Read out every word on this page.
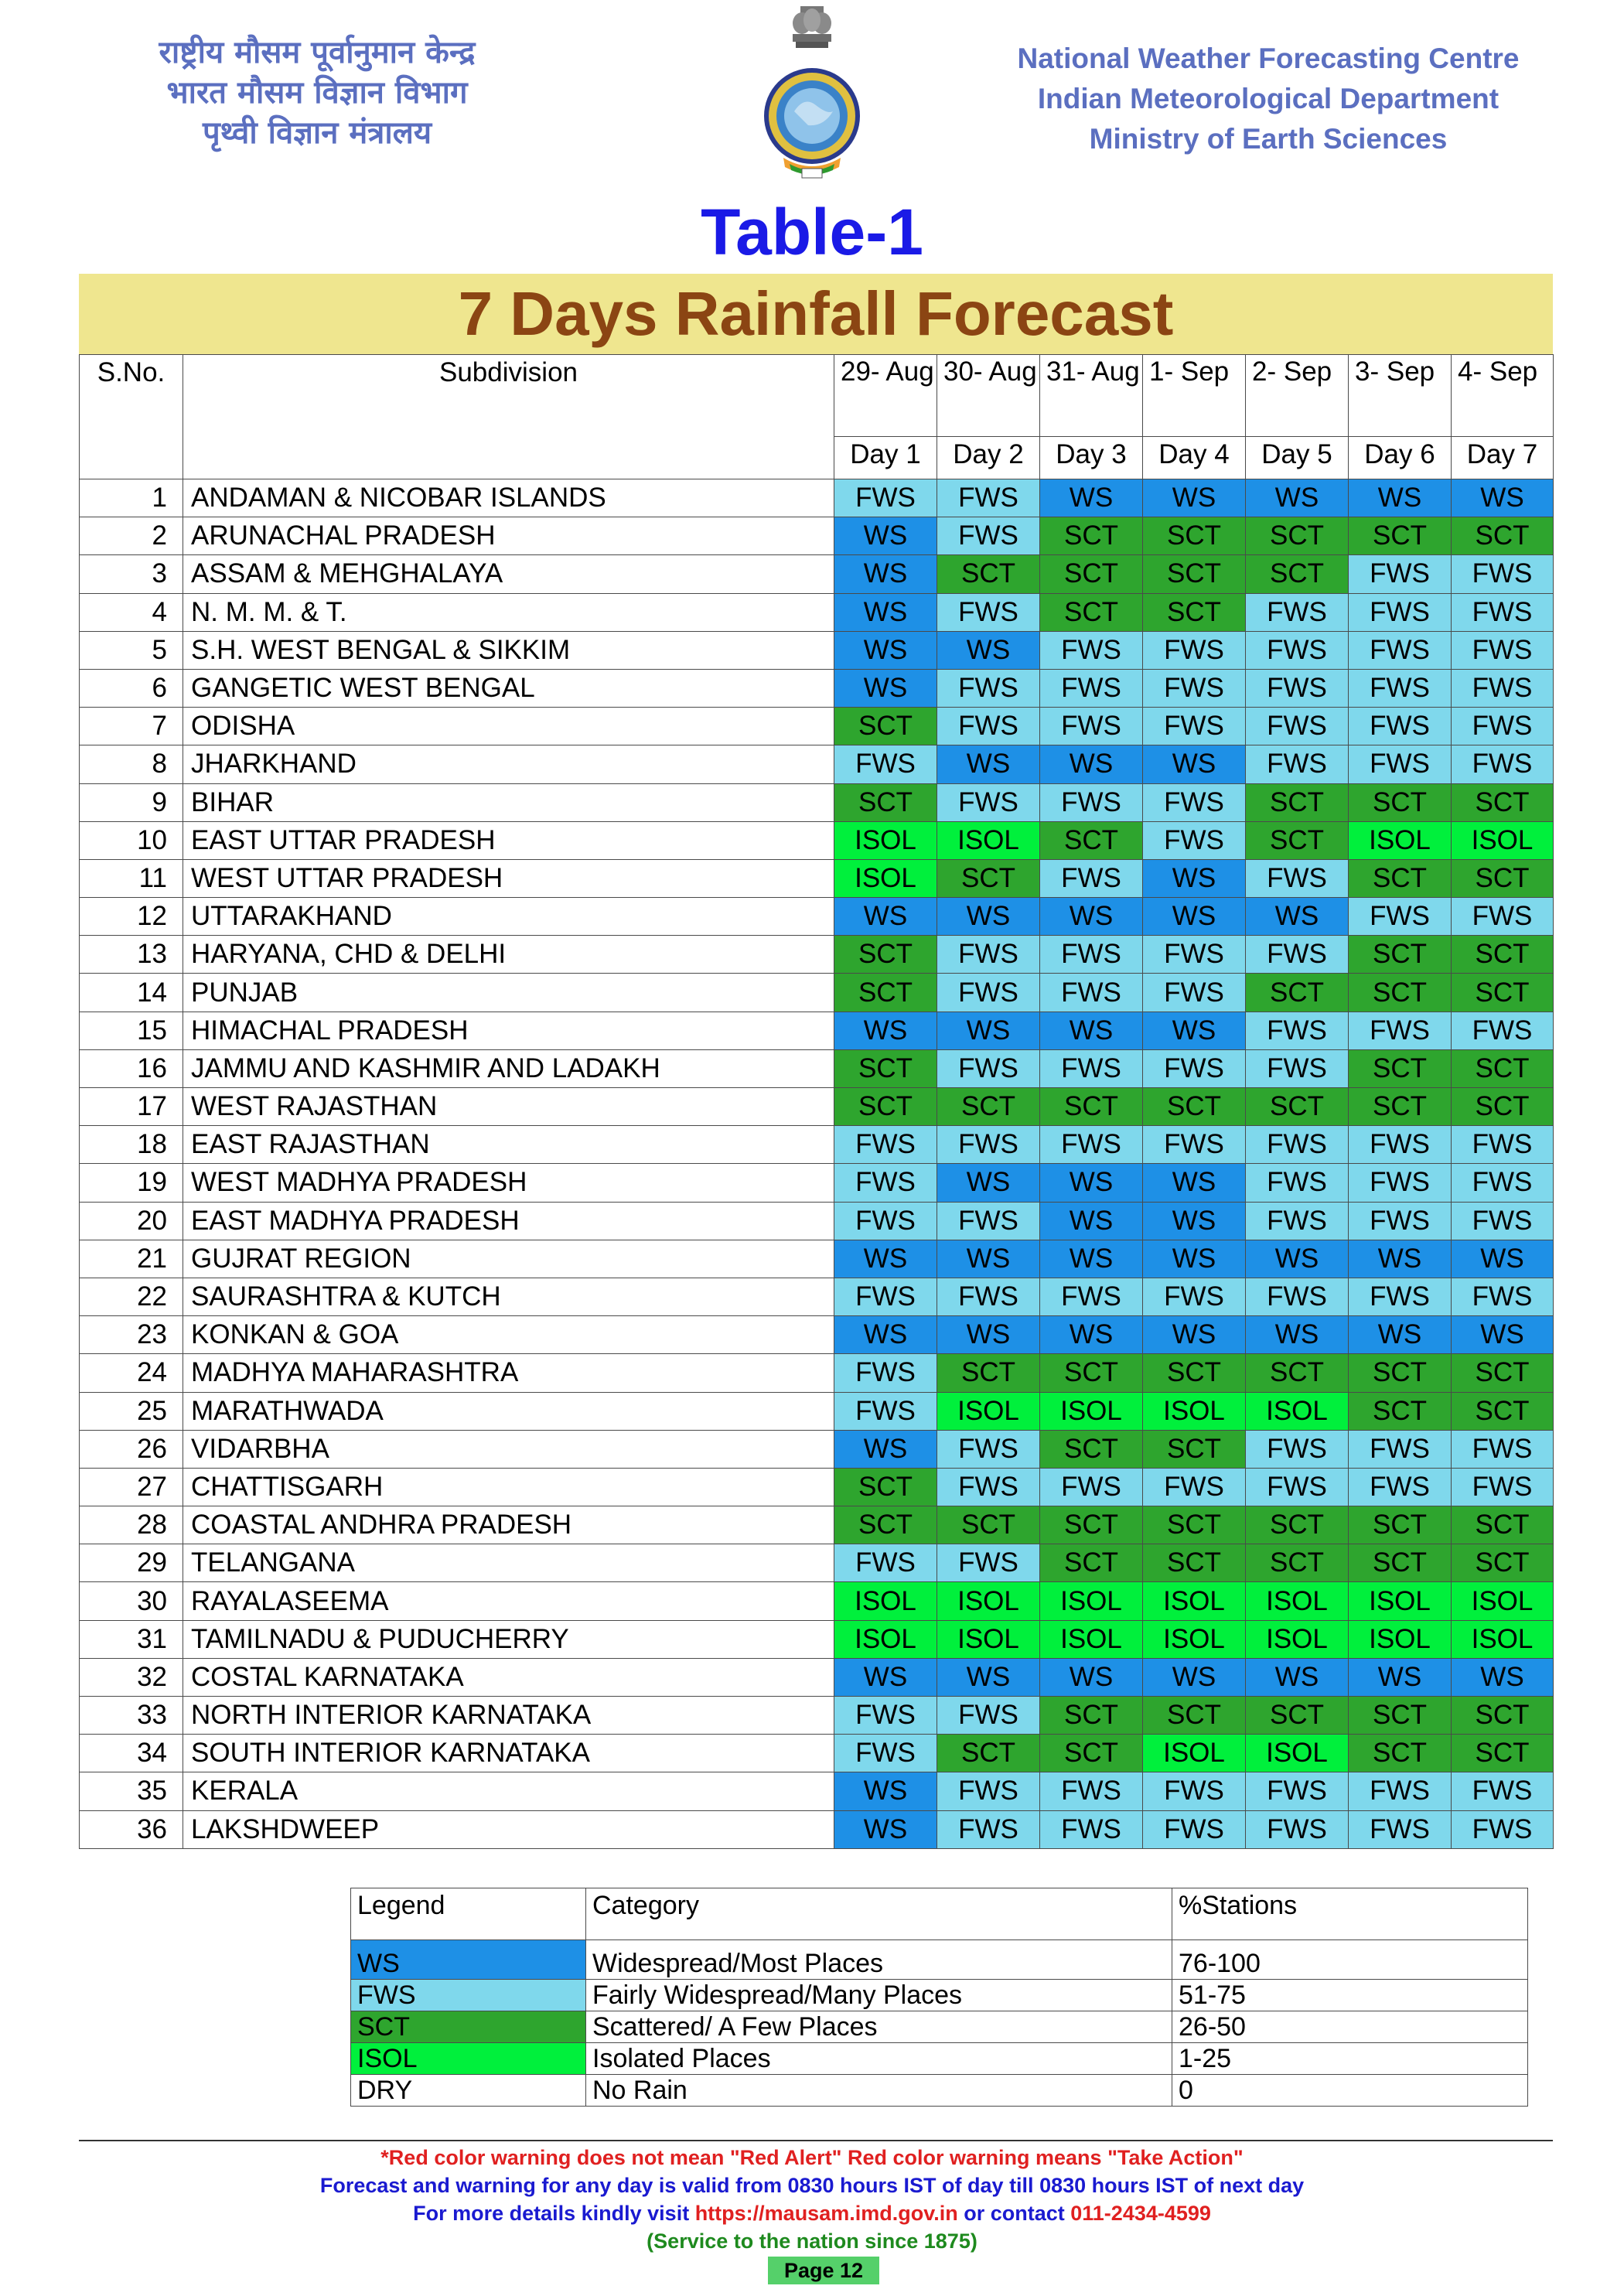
राष्ट्रीय मौसम पूर्वानुमान केन्द्र
भारत मौसम विज्ञान विभाग
पृथ्वी विज्ञान मंत्रालय
National Weather Forecasting Centre
Indian Meteorological Department
Ministry of Earth Sciences
Table-1
7 Days Rainfall Forecast
S.No.	Subdivision	29- Aug	30- Aug	31- Aug	1- Sep	2- Sep	3- Sep	4- Sep
		Day 1	Day 2	Day 3	Day 4	Day 5	Day 6	Day 7
1	ANDAMAN & NICOBAR ISLANDS	FWS	FWS	WS	WS	WS	WS	WS
2	ARUNACHAL PRADESH	WS	FWS	SCT	SCT	SCT	SCT	SCT
3	ASSAM & MEHGHALAYA	WS	SCT	SCT	SCT	SCT	FWS	FWS
4	N. M. M. & T.	WS	FWS	SCT	SCT	FWS	FWS	FWS
5	S.H. WEST BENGAL & SIKKIM	WS	WS	FWS	FWS	FWS	FWS	FWS
6	GANGETIC WEST BENGAL	WS	FWS	FWS	FWS	FWS	FWS	FWS
7	ODISHA	SCT	FWS	FWS	FWS	FWS	FWS	FWS
8	JHARKHAND	FWS	WS	WS	WS	FWS	FWS	FWS
9	BIHAR	SCT	FWS	FWS	FWS	SCT	SCT	SCT
10	EAST UTTAR PRADESH	ISOL	ISOL	SCT	FWS	SCT	ISOL	ISOL
11	WEST UTTAR PRADESH	ISOL	SCT	FWS	WS	FWS	SCT	SCT
12	UTTARAKHAND	WS	WS	WS	WS	WS	FWS	FWS
13	HARYANA, CHD & DELHI	SCT	FWS	FWS	FWS	FWS	SCT	SCT
14	PUNJAB	SCT	FWS	FWS	FWS	SCT	SCT	SCT
15	HIMACHAL PRADESH	WS	WS	WS	WS	FWS	FWS	FWS
16	JAMMU AND KASHMIR AND LADAKH	SCT	FWS	FWS	FWS	FWS	SCT	SCT
17	WEST RAJASTHAN	SCT	SCT	SCT	SCT	SCT	SCT	SCT
18	EAST RAJASTHAN	FWS	FWS	FWS	FWS	FWS	FWS	FWS
19	WEST MADHYA PRADESH	FWS	WS	WS	WS	FWS	FWS	FWS
20	EAST MADHYA PRADESH	FWS	FWS	WS	WS	FWS	FWS	FWS
21	GUJRAT REGION	WS	WS	WS	WS	WS	WS	WS
22	SAURASHTRA & KUTCH	FWS	FWS	FWS	FWS	FWS	FWS	FWS
23	KONKAN & GOA	WS	WS	WS	WS	WS	WS	WS
24	MADHYA MAHARASHTRA	FWS	SCT	SCT	SCT	SCT	SCT	SCT
25	MARATHWADA	FWS	ISOL	ISOL	ISOL	ISOL	SCT	SCT
26	VIDARBHA	WS	FWS	SCT	SCT	FWS	FWS	FWS
27	CHATTISGARH	SCT	FWS	FWS	FWS	FWS	FWS	FWS
28	COASTAL ANDHRA PRADESH	SCT	SCT	SCT	SCT	SCT	SCT	SCT
29	TELANGANA	FWS	FWS	SCT	SCT	SCT	SCT	SCT
30	RAYALASEEMA	ISOL	ISOL	ISOL	ISOL	ISOL	ISOL	ISOL
31	TAMILNADU & PUDUCHERRY	ISOL	ISOL	ISOL	ISOL	ISOL	ISOL	ISOL
32	COSTAL KARNATAKA	WS	WS	WS	WS	WS	WS	WS
33	NORTH INTERIOR KARNATAKA	FWS	FWS	SCT	SCT	SCT	SCT	SCT
34	SOUTH INTERIOR KARNATAKA	FWS	SCT	SCT	ISOL	ISOL	SCT	SCT
35	KERALA	WS	FWS	FWS	FWS	FWS	FWS	FWS
36	LAKSHDWEEP	WS	FWS	FWS	FWS	FWS	FWS	FWS
Legend	Category	%Stations
WS	Widespread/Most Places	76-100
FWS	Fairly Widespread/Many Places	51-75
SCT	Scattered/ A Few Places	26-50
ISOL	Isolated Places	1-25
DRY	No Rain	0
*Red color warning does not mean "Red Alert" Red color warning means "Take Action"
Forecast and warning for any day is valid from 0830 hours IST of day till 0830 hours IST of next day
For more details kindly visit https://mausam.imd.gov.in or contact 011-2434-4599
(Service to the nation since 1875)
Page 12
